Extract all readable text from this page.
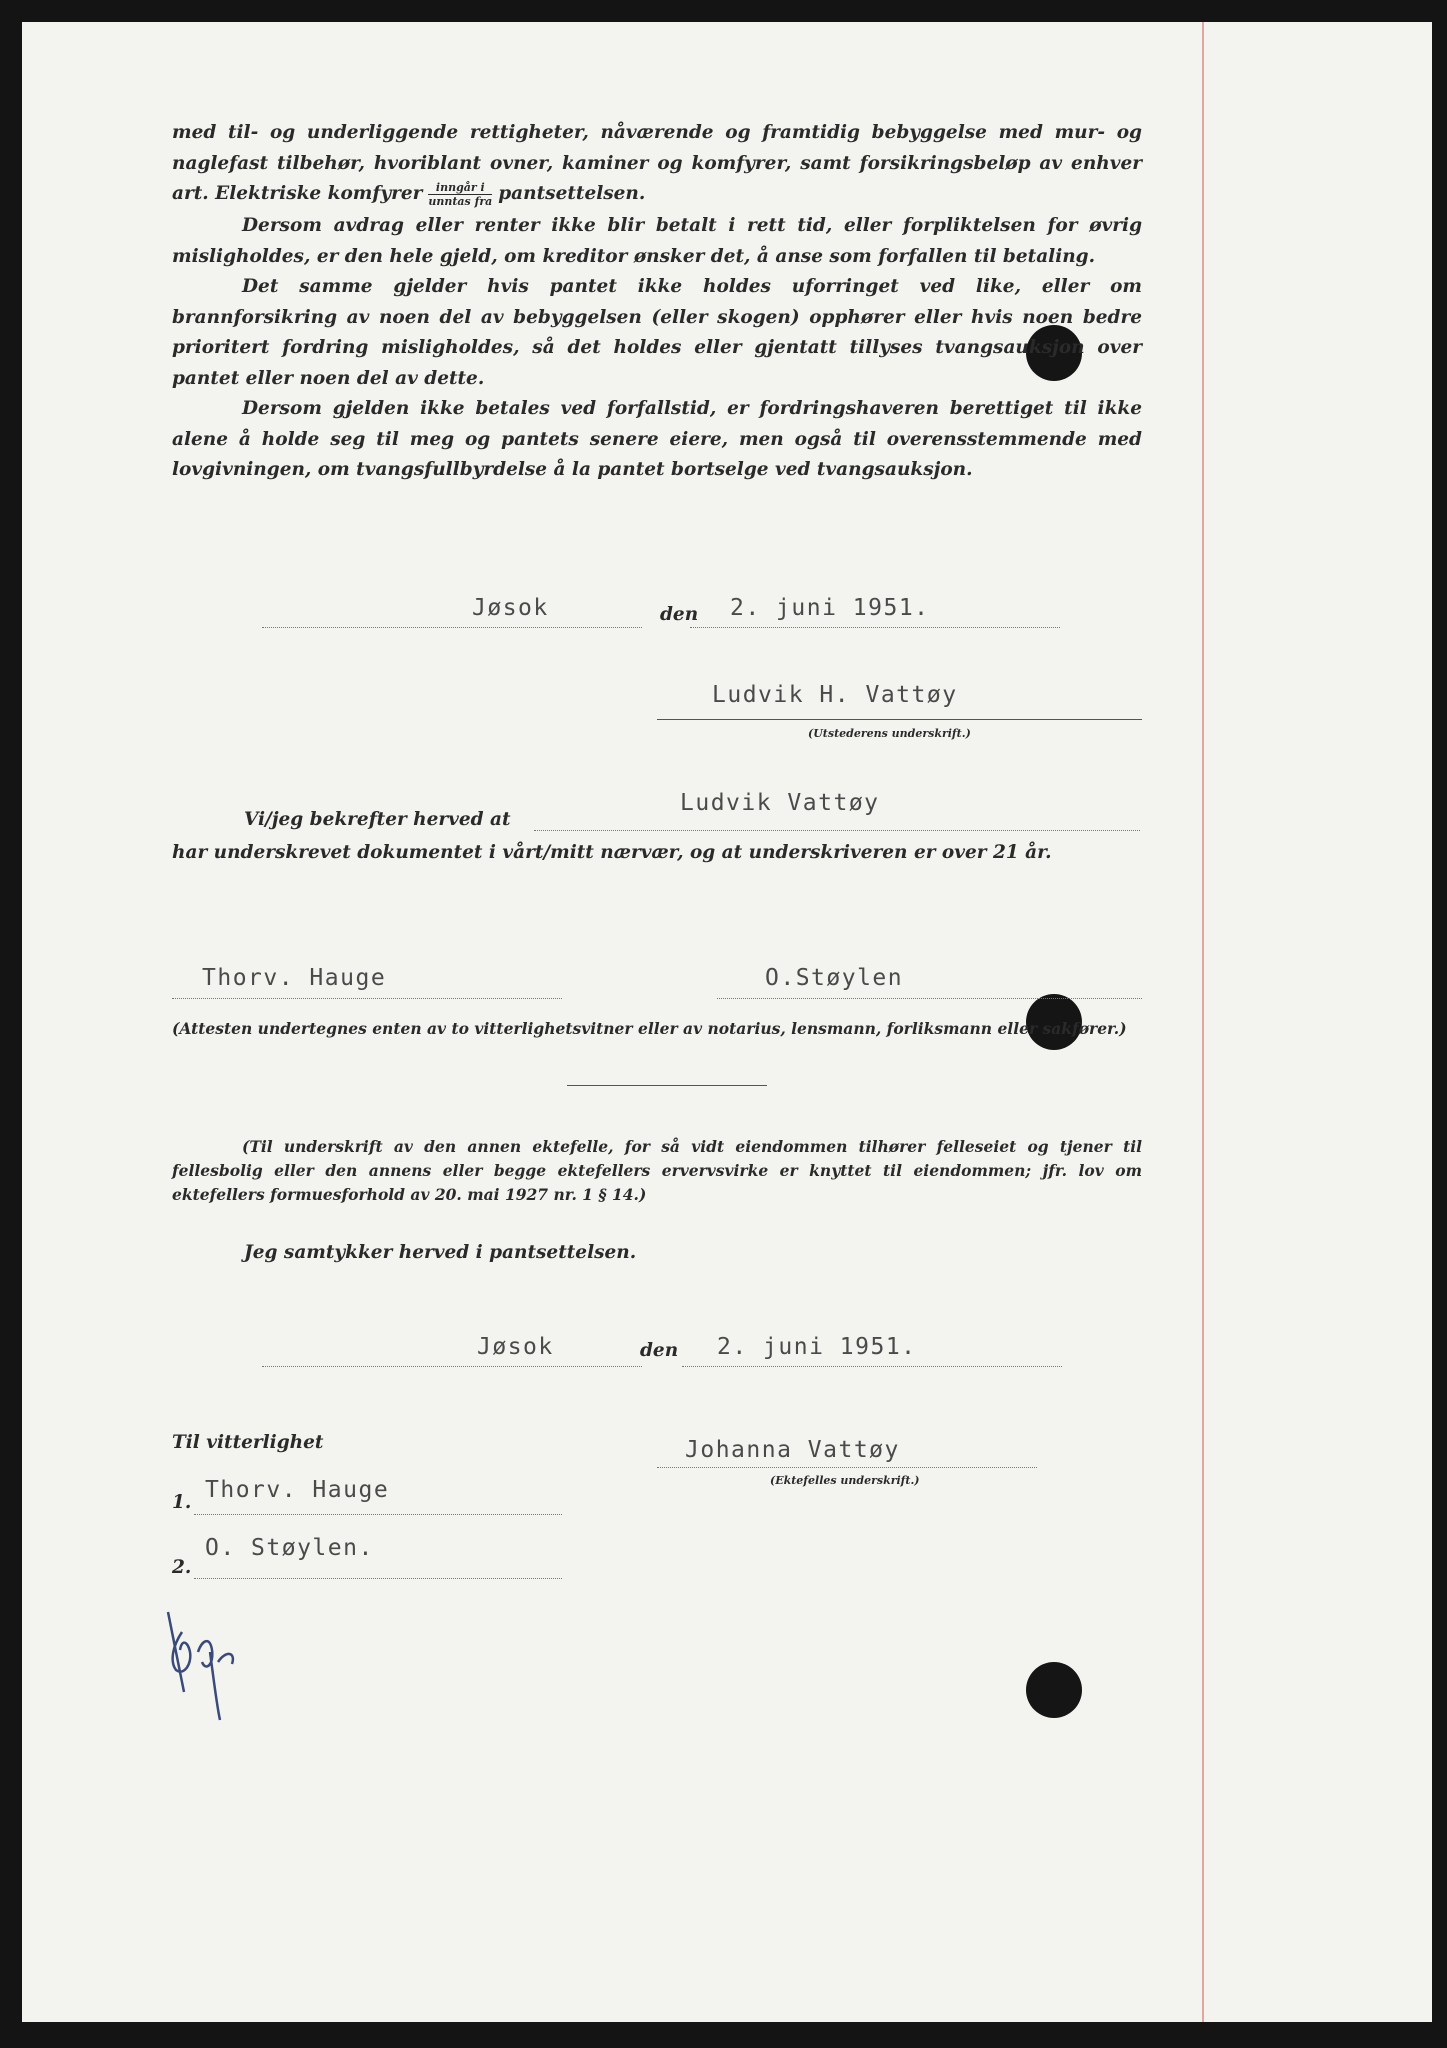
med til- og underliggende rettigheter, nåværende og framtidig bebyggelse med mur- og naglefast tilbehør, hvoriblant ovner, kaminer og komfyrer, samt forsikringsbeløp av enhver art. Elektriske komfyrer $\frac{\text{inngår i}}{\text{unntas fra}}$ pantsettelsen.
Dersom avdrag eller renter ikke blir betalt i rett tid, eller forpliktelsen for øvrig misligholdes, er den hele gjeld, om kreditor ønsker det, å anse som forfallen til betaling.
Det samme gjelder hvis pantet ikke holdes uforringet ved like, eller om brannforsikring av noen del av bebyggelsen (eller skogen) opphører eller hvis noen bedre prioritert fordring misligholdes, så det holdes eller gjentatt tillyses tvangsauksjon over pantet eller noen del av dette.
Dersom gjelden ikke betales ved forfallstid, er fordringshaveren berettiget til ikke alene å holde seg til meg og pantets senere eiere, men også til overensstemmende med lovgivningen, om tvangsfullbyrdelse å la pantet bortselge ved tvangsauksjon.
Jøsok	den 2. juni 1951.
Ludvik H. Vattøy
(Utstederens underskrift.)
Ludvik Vattøy
Vi/jeg bekrefter herved at
har underskrevet dokumentet i vårt/mitt nærvær, og at underskriveren er over 21 år.
Thorv. Hauge	O.Støylen
(Attesten undertegnes enten av to vitterlighetsvitner eller av notarius, lensmann, forliksmann eller sakfører.)
(Til underskrift av den annen ektefelle, for så vidt eiendommen tilhører felleseiet og tjener til fellesbolig eller den annens eller begge ektefellers ervervsvirke er knyttet til eiendommen; jfr. lov om ektefellers formuesforhold av 20. mai 1927 nr. 1 § 14.)
Jeg samtykker herved i pantsettelsen.
Jøsok	den 2. juni 1951.
Til vitterlighet
1. Thorv. Hauge
2.
O. Støylen.
Johanna Vattøy
(Ektefelles underskrift.)
